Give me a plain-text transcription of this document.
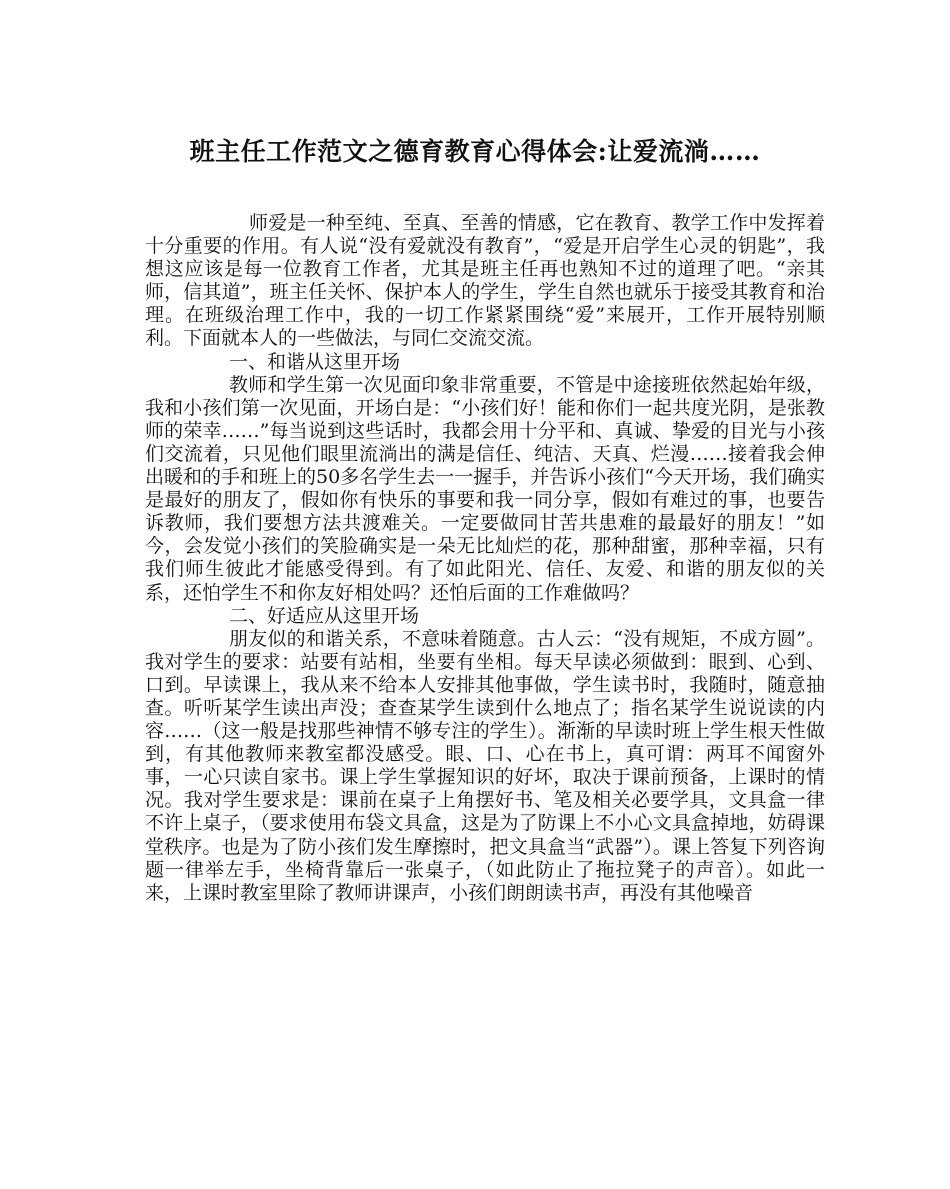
班主任工作范文之德育教育心得体会:让爱流淌……

师爱是一种至纯、至真、至善的情感，它在教育、教学工作中发挥着十分重要的作用。有人说“没有爱就没有教育”，“爱是开启学生心灵的钥匙”，我想这应该是每一位教育工作者，尤其是班主任再也熟知不过的道理了吧。“亲其师，信其道”，班主任关怀、保护本人的学生，学生自然也就乐于接受其教育和治理。在班级治理工作中，我的一切工作紧紧围绕“爱”来展开，工作开展特别顺利。下面就本人的一些做法，与同仁交流交流。

一、和谐从这里开场

教师和学生第一次见面印象非常重要，不管是中途接班依然起始年级，我和小孩们第一次见面，开场白是：“小孩们好！能和你们一起共度光阴，是张教师的荣幸……”每当说到这些话时，我都会用十分平和、真诚、挚爱的目光与小孩们交流着，只见他们眼里流淌出的满是信任、纯洁、天真、烂漫……接着我会伸出暖和的手和班上的50多名学生去一一握手，并告诉小孩们“今天开场，我们确实是最好的朋友了，假如你有快乐的事要和我一同分享，假如有难过的事，也要告诉教师，我们要想方法共渡难关。一定要做同甘苦共患难的最最好的朋友！”如今，会发觉小孩们的笑脸确实是一朵无比灿烂的花，那种甜蜜，那种幸福，只有我们师生彼此才能感受得到。有了如此阳光、信任、友爱、和谐的朋友似的关系，还怕学生不和你友好相处吗？还怕后面的工作难做吗？

二、好适应从这里开场

朋友似的和谐关系，不意味着随意。古人云：“没有规矩，不成方圆”。我对学生的要求：站要有站相，坐要有坐相。每天早读必须做到：眼到、心到、口到。早读课上，我从来不给本人安排其他事做，学生读书时，我随时，随意抽查。听听某学生读出声没；查查某学生读到什么地点了；指名某学生说说读的内容……（这一般是找那些神情不够专注的学生）。渐渐的早读时班上学生根天性做到，有其他教师来教室都没感受。眼、口、心在书上，真可谓：两耳不闻窗外事，一心只读自家书。课上学生掌握知识的好坏，取决于课前预备，上课时的情况。我对学生要求是：课前在桌子上角摆好书、笔及相关必要学具，文具盒一律不许上桌子，（要求使用布袋文具盒，这是为了防课上不小心文具盒掉地，妨碍课堂秩序。也是为了防小孩们发生摩擦时，把文具盒当“武器”）。课上答复下列咨询题一律举左手，坐椅背靠后一张桌子，（如此防止了拖拉凳子的声音）。如此一来，上课时教室里除了教师讲课声，小孩们朗朗读书声，再没有其他噪音
